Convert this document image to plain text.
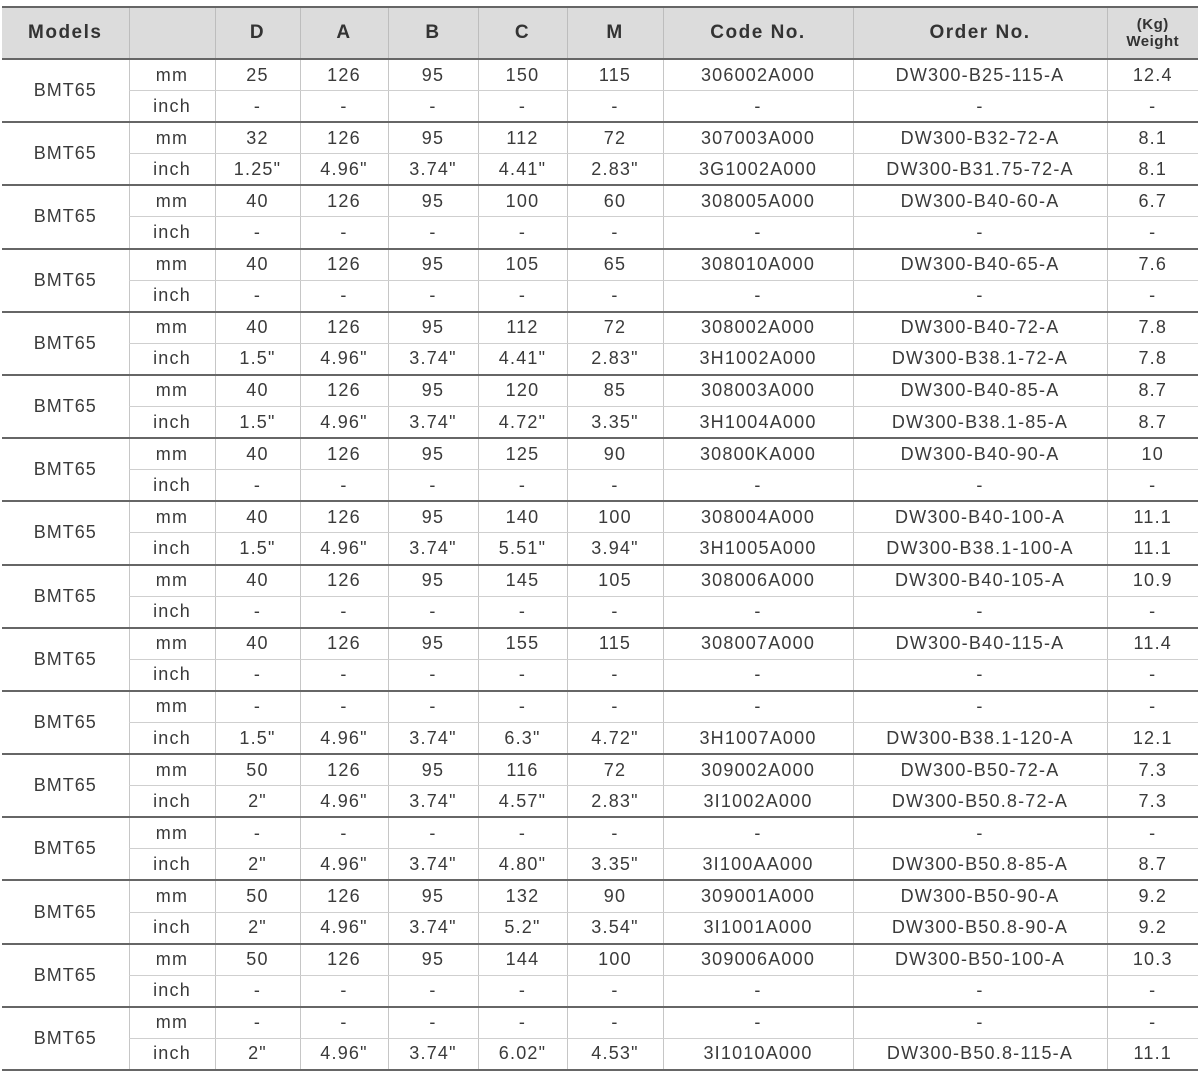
Models		D	A	B	C	M	Code No.	Order No.	(Kg)
Weight
BMT65	mm	25	126	95	150	115	306002A000	DW300-B25-115-A	12.4
	inch	-	-	-	-	-	-	-	-
BMT65	mm	32	126	95	112	72	307003A000	DW300-B32-72-A	8.1
	inch	1.25"	4.96"	3.74"	4.41"	2.83"	3G1002A000	DW300-B31.75-72-A	8.1
BMT65	mm	40	126	95	100	60	308005A000	DW300-B40-60-A	6.7
	inch	-	-	-	-	-	-	-	-
BMT65	mm	40	126	95	105	65	308010A000	DW300-B40-65-A	7.6
	inch	-	-	-	-	-	-	-	-
BMT65	mm	40	126	95	112	72	308002A000	DW300-B40-72-A	7.8
	inch	1.5"	4.96"	3.74"	4.41"	2.83"	3H1002A000	DW300-B38.1-72-A	7.8
BMT65	mm	40	126	95	120	85	308003A000	DW300-B40-85-A	8.7
	inch	1.5"	4.96"	3.74"	4.72"	3.35"	3H1004A000	DW300-B38.1-85-A	8.7
BMT65	mm	40	126	95	125	90	30800KA000	DW300-B40-90-A	10
	inch	-	-	-	-	-	-	-	-
BMT65	mm	40	126	95	140	100	308004A000	DW300-B40-100-A	11.1
	inch	1.5"	4.96"	3.74"	5.51"	3.94"	3H1005A000	DW300-B38.1-100-A	11.1
BMT65	mm	40	126	95	145	105	308006A000	DW300-B40-105-A	10.9
	inch	-	-	-	-	-	-	-	-
BMT65	mm	40	126	95	155	115	308007A000	DW300-B40-115-A	11.4
	inch	-	-	-	-	-	-	-	-
BMT65	mm	-	-	-	-	-	-	-	-
	inch	1.5"	4.96"	3.74"	6.3"	4.72"	3H1007A000	DW300-B38.1-120-A	12.1
BMT65	mm	50	126	95	116	72	309002A000	DW300-B50-72-A	7.3
	inch	2"	4.96"	3.74"	4.57"	2.83"	3I1002A000	DW300-B50.8-72-A	7.3
BMT65	mm	-	-	-	-	-	-	-	-
	inch	2"	4.96"	3.74"	4.80"	3.35"	3I100AA000	DW300-B50.8-85-A	8.7
BMT65	mm	50	126	95	132	90	309001A000	DW300-B50-90-A	9.2
	inch	2"	4.96"	3.74"	5.2"	3.54"	3I1001A000	DW300-B50.8-90-A	9.2
BMT65	mm	50	126	95	144	100	309006A000	DW300-B50-100-A	10.3
	inch	-	-	-	-	-	-	-	-
BMT65	mm	-	-	-	-	-	-	-	-
	inch	2"	4.96"	3.74"	6.02"	4.53"	3I1010A000	DW300-B50.8-115-A	11.1
